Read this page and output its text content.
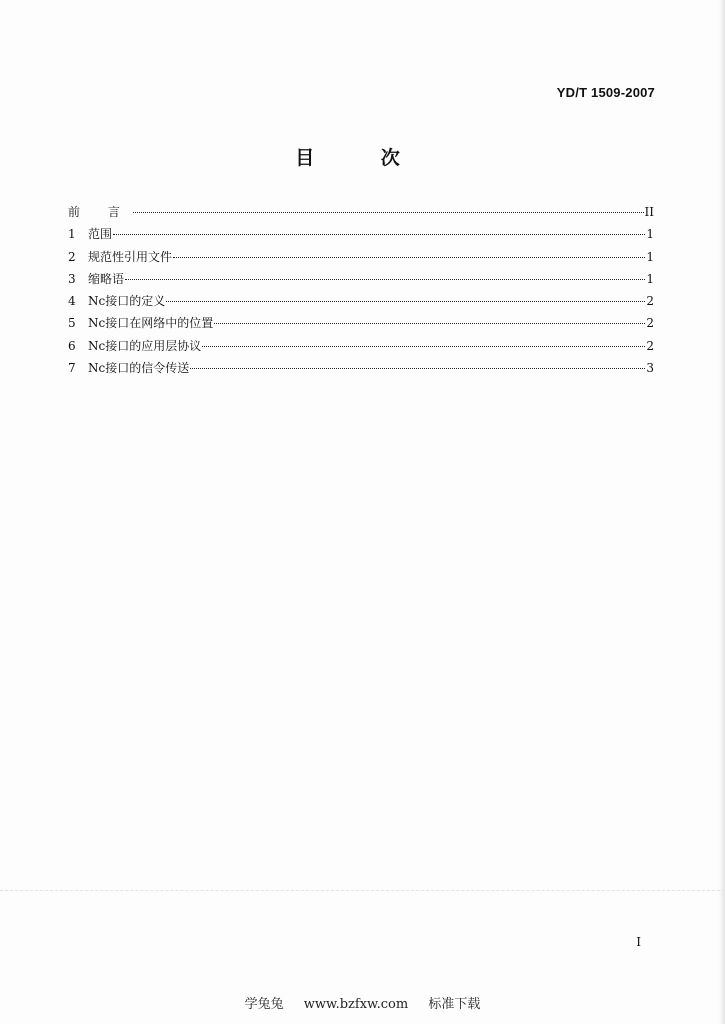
YD/T 1509-2007
目 次
前 言	II
1	范围	1
2	规范性引用文件	1
3	缩略语	1
4	Nc接口的定义	2
5	Nc接口在网络中的位置	2
6	Nc接口的应用层协议	2
7	Nc接口的信令传送	3
I
学兔兔 www.bzfxw.com 标准下载
